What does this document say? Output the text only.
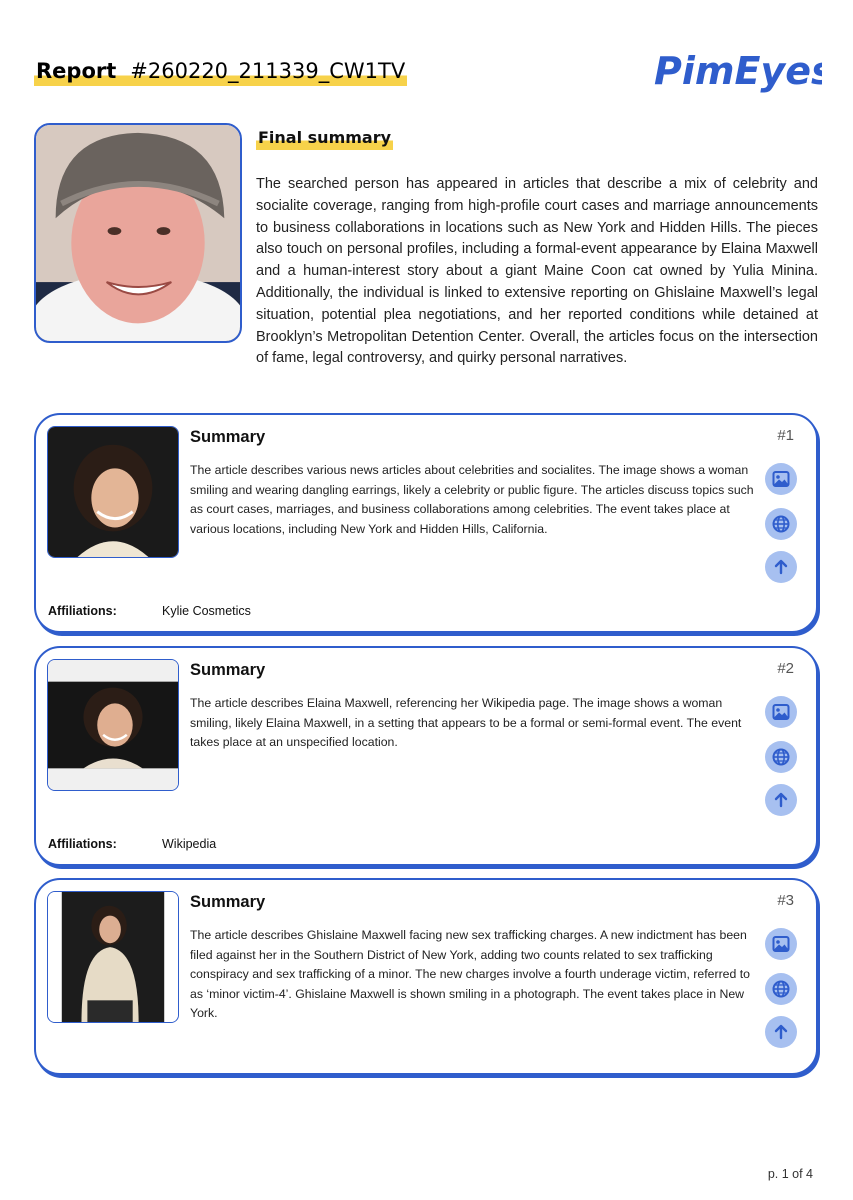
Report #260220_211339_CW1TV	PimEyes
Final summary
The searched person has appeared in articles that describe a mix of celebrity and socialite coverage, ranging from high-profile court cases and marriage announcements to business collaborations in locations such as New York and Hidden Hills. The pieces also touch on personal profiles, including a formal-event appearance by Elaina Maxwell and a human-interest story about a giant Maine Coon cat owned by Yulia Minina. Additionally, the individual is linked to extensive reporting on Ghislaine Maxwell’s legal situation, potential plea negotiations, and her reported conditions while detained at Brooklyn’s Metropolitan Detention Center. Overall, the articles focus on the intersection of fame, legal controversy, and quirky personal narratives.
Summary	#1
The article describes various news articles about celebrities and socialites. The image shows a woman smiling and wearing dangling earrings, likely a celebrity or public figure. The articles discuss topics such as court cases, marriages, and business collaborations among celebrities. The event takes place at various locations, including New York and Hidden Hills, California.
Affiliations:	Kylie Cosmetics
Summary	#2
The article describes Elaina Maxwell, referencing her Wikipedia page. The image shows a woman smiling, likely Elaina Maxwell, in a setting that appears to be a formal or semi-formal event. The event takes place at an unspecified location.
Affiliations:	Wikipedia
Summary	#3
The article describes Ghislaine Maxwell facing new sex trafficking charges. A new indictment has been filed against her in the Southern District of New York, adding two counts related to sex trafficking conspiracy and sex trafficking of a minor. The new charges involve a fourth underage victim, referred to as ‘minor victim-4’. Ghislaine Maxwell is shown smiling in a photograph. The event takes place in New York.
p. 1 of 4
